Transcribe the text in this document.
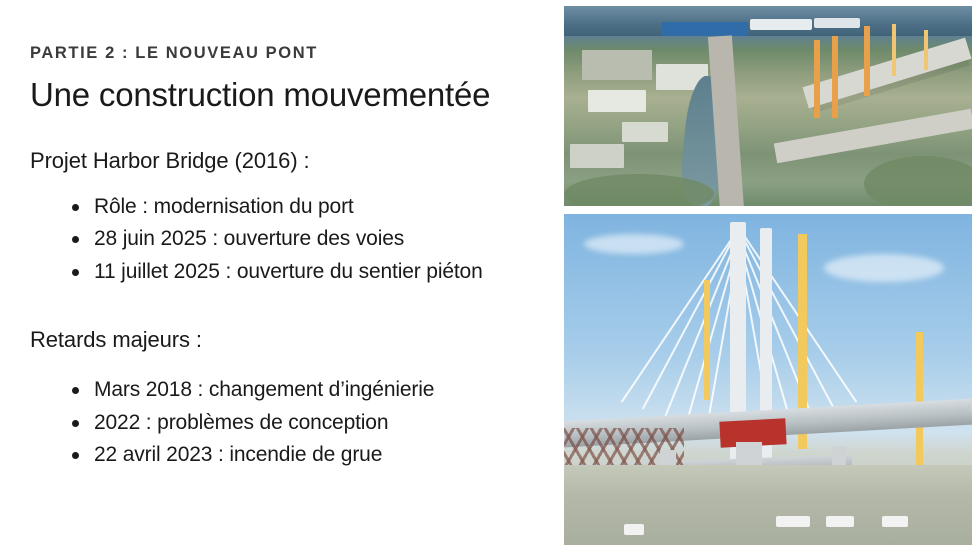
PARTIE 2 : LE NOUVEAU PONT
Une construction mouvementée
Projet Harbor Bridge (2016) :
Rôle : modernisation du port
28 juin 2025 : ouverture des voies
11 juillet 2025 : ouverture du sentier piéton
Retards majeurs :
Mars 2018 : changement d’ingénierie
2022 : problèmes de conception
22 avril 2023 : incendie de grue
